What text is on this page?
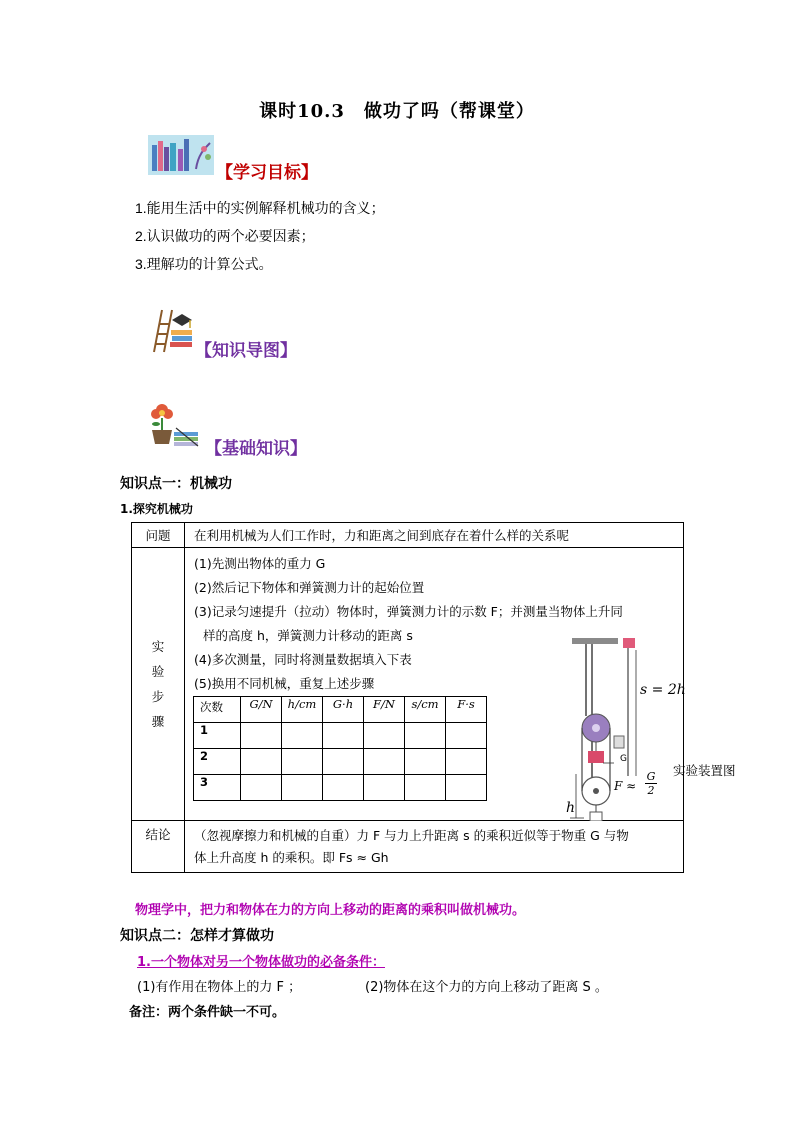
课时10.3　做功了吗（帮课堂）
【学习目标】
1.能用生活中的实例解释机械功的含义；
2.认识做功的两个必要因素；
3.理解功的计算公式。
【知识导图】
【基础知识】
知识点一：机械功
1.探究机械功
问题	在利用机械为人们工作时，力和距离之间到底存在着什么样的关系呢

实
验
步
骤

(1)先测出物体的重力 G
(2)然后记下物体和弹簧测力计的起始位置
(3)记录匀速提升（拉动）物体时，弹簧测力计的示数 F；并测量当物体上升同
样的高度 h，弹簧测力计移动的距离 s
(4)多次测量，同时将测量数据填入下表
(5)换用不同机械，重复上述步骤
次数	G/N	h/cm	G·h	F/N	s/cm	F·s
1						
2						
3						
s = 2h
G
$F \approx \frac{G}{2}$
h
实验装置图

结论	（忽视摩擦力和机械的自重）力 F 与力上升距离 s 的乘积近似等于物重 G 与物
体上升高度 h 的乘积。即 Fs ≈ Gh
物理学中，把力和物体在力的方向上移动的距离的乘积叫做机械功。
知识点二：怎样才算做功
1.一个物体对另一个物体做功的必备条件：
(1)有作用在物体上的力 F ；	(2)物体在这个力的方向上移动了距离 S 。
备注：两个条件缺一不可。
